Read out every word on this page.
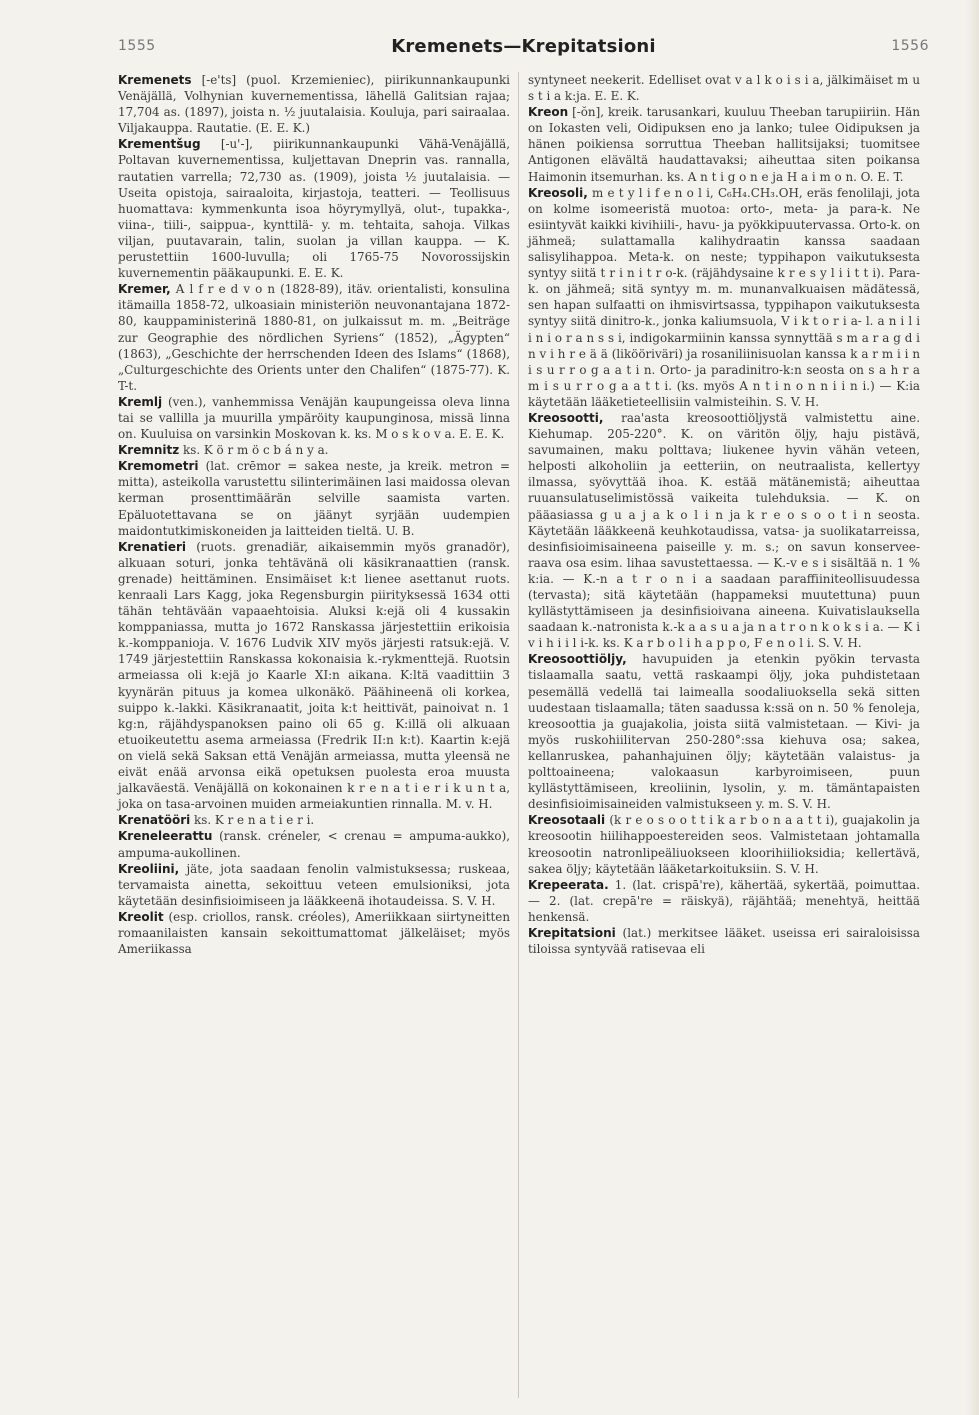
1555	Kremenets—Krepitatsioni	1556

Kremenets [-e'ts] (puol. Krzemieniec), piirikunnankaupunki Venäjällä, Volhynian kuvernementissa, lähellä Galitsian rajaa; 17,704 as. (1897), joista n. ½ juutalaisia. Kouluja, pari sairaalaa. Viljakauppa. Rautatie. (E. E. K.)

Krementšug [-u'-], piirikunnankaupunki Vähä-Venäjällä, Poltavan kuvernementissa, kuljettavan Dneprin vas. rannalla, rautatien varrella; 72,730 as. (1909), joista ½ juutalaisia. — Useita opistoja, sairaaloita, kirjastoja, teatteri. — Teollisuus huomattava: kymmenkunta isoa höyrymyllyä, olut-, tupakka-, viina-, tiili-, saippua-, kynttilä- y. m. tehtaita, sahoja. Vilkas viljan, puutavarain, talin, suolan ja villan kauppa. — K. perustettiin 1600-luvulla; oli 1765-75 Novorossijskin kuvernementin pääkaupunki. E. E. K.

Kremer, A l f r e d v o n (1828-89), itäv. orientalisti, konsulina itämailla 1858-72, ulkoasiain ministeriön neuvonantajana 1872-80, kauppaministerinä 1880-81, on julkaissut m. m. „Beiträge zur Geographie des nördlichen Syriens“ (1852), „Ägypten“ (1863), „Geschichte der herrschenden Ideen des Islams“ (1868), „Culturgeschichte des Orients unter den Chalifen“ (1875-77). K. T-t.

Kremlj (ven.), vanhemmissa Venäjän kaupungeissa oleva linna tai se vallilla ja muurilla ympäröity kaupunginosa, missä linna on. Kuuluisa on varsinkin Moskovan k. ks. M o s k o v a. E. E. K.

Kremnitz ks. K ö r m ö c b á n y a.

Kremometri (lat. crēmor = sakea neste, ja kreik. metron = mitta), asteikolla varustettu silinterimäinen lasi maidossa olevan kerman prosenttimäärän selville saamista varten. Epäluotettavana se on jäänyt syrjään uudempien maidontutkimiskoneiden ja laitteiden tieltä. U. B.

Krenatieri (ruots. grenadiär, aikaisemmin myös granadör), alkuaan soturi, jonka tehtävänä oli käsikranaattien (ransk. grenade) heittäminen. Ensimäiset k:t lienee asettanut ruots. kenraali Lars Kagg, joka Regensburgin piirityksessä 1634 otti tähän tehtävään vapaaehtoisia. Aluksi k:ejä oli 4 kussakin komppaniassa, mutta jo 1672 Ranskassa järjestettiin erikoisia k.-komppanioja. V. 1676 Ludvik XIV myös järjesti ratsuk:ejä. V. 1749 järjestettiin Ranskassa kokonaisia k.-rykmenttejä. Ruotsin armeiassa oli k:ejä jo Kaarle XI:n aikana. K:ltä vaadittiin 3 kyynärän pituus ja komea ulkonäkö. Päähineenä oli korkea, suippo k.-lakki. Käsikranaatit, joita k:t heittivät, painoivat n. 1 kg:n, räjähdyspanoksen paino oli 65 g. K:illä oli alkuaan etuoikeutettu asema armeiassa (Fredrik II:n k:t). Kaartin k:ejä on vielä sekä Saksan että Venäjän armeiassa, mutta yleensä ne eivät enää arvonsa eikä opetuksen puolesta eroa muusta jalkaväestä. Venäjällä on kokonainen k r e n a t i e r i k u n t a, joka on tasa-arvoinen muiden armeiakuntien rinnalla. M. v. H.

Krenatööri ks. K r e n a t i e r i.

Kreneleerattu (ransk. créneler, < crenau = ampuma-aukko), ampuma-aukollinen.

Kreoliini, jäte, jota saadaan fenolin valmistuksessa; ruskeaa, tervamaista ainetta, sekoittuu veteen emulsioniksi, jota käytetään desinfisioimiseen ja lääkkeenä ihotaudeissa. S. V. H.

Kreolit (esp. criollos, ransk. créoles), Ameriikkaan siirtyneitten romaanilaisten kansain sekoittumattomat jälkeläiset; myös Ameriikassa

syntyneet neekerit. Edelliset ovat v a l k o i s i a, jälkimäiset m u s t i a k:ja. E. E. K.

Kreon [-ŏn], kreik. tarusankari, kuuluu Theeban tarupiiriin. Hän on Iokasten veli, Oidipuksen eno ja lanko; tulee Oidipuksen ja hänen poikiensa sorruttua Theeban hallitsijaksi; tuomitsee Antigonen elävältä haudattavaksi; aiheuttaa siten poikansa Haimonin itsemurhan. ks. A n t i g o n e ja H a i m o n. O. E. T.

Kreosoli, m e t y l i f e n o l i, C₆H₄.CH₃.OH, eräs fenolilaji, jota on kolme isomeeristä muotoa: orto-, meta- ja para-k. Ne esiintyvät kaikki kivihiili-, havu- ja pyökkipuutervassa. Orto-k. on jähmeä; sulattamalla kalihydraatin kanssa saadaan salisylihappoa. Meta-k. on neste; typpihapon vaikutuksesta syntyy siitä t r i n i t r o-k. (räjähdysaine k r e s y l i i t t i). Para-k. on jähmeä; sitä syntyy m. m. munanvalkuaisen mädätessä, sen hapan sulfaatti on ihmisvirtsassa, typpihapon vaikutuksesta syntyy siitä dinitro-k., jonka kaliumsuola, V i k t o r i a- l. a n i l i i n i o r a n s s i, indigokarmiinin kanssa synnyttää s m a r a g d i n v i h r e ä ä (likööriväri) ja rosaniliinisuolan kanssa k a r m i i n i s u r r o g a a t i n. Orto- ja paradinitro-k:n seosta on s a h r a m i s u r r o g a a t t i. (ks. myös A n t i n o n n i i n i.) — K:ia käytetään lääketieteellisiin valmisteihin. S. V. H.

Kreosootti, raa'asta kreosoottiöljystä valmistettu aine. Kiehumap. 205-220°. K. on väritön öljy, haju pistävä, savumainen, maku polttava; liukenee hyvin vähän veteen, helposti alkoholiin ja eetteriin, on neutraalista, kellertyy ilmassa, syövyttää ihoa. K. estää mätänemistä; aiheuttaa ruuansulatuselimistössä vaikeita tulehduksia. — K. on pääasiassa g u a j a k o l i n ja k r e o s o o t i n seosta. Käytetään lääkkeenä keuhkotaudissa, vatsa- ja suolikatarreissa, desinfisioimisaineena paiseille y. m. s.; on savun konservee-raava osa esim. lihaa savustettaessa. — K.-v e s i sisältää n. 1 % k:ia. — K.-n a t r o n i a saadaan paraffiiniteollisuudessa (tervasta); sitä käytetään (happameksi muutettuna) puun kyllästyttämiseen ja desinfisioivana aineena. Kuivatislauksella saadaan k.-natronista k.-k a a s u a ja n a t r o n k o k s i a. — K i v i h i i l i-k. ks. K a r b o l i h a p p o, F e n o l i. S. V. H.

Kreosoottiöljy, havupuiden ja etenkin pyökin tervasta tislaamalla saatu, vettä raskaampi öljy, joka puhdistetaan pesemällä vedellä tai laimealla soodaliuoksella sekä sitten uudestaan tislaamalla; täten saadussa k:ssä on n. 50 % fenoleja, kreosoottia ja guajakolia, joista siitä valmistetaan. — Kivi- ja myös ruskohiilitervan 250-280°:ssa kiehuva osa; sakea, kellanruskea, pahanhajuinen öljy; käytetään valaistus- ja polttoaineena; valokaasun karbyroimiseen, puun kyllästyttämiseen, kreoliinin, lysolin, y. m. tämäntapaisten desinfisioimisaineiden valmistukseen y. m. S. V. H.

Kreosotaali (k r e o s o o t t i k a r b o n a a t t i), guajakolin ja kreosootin hiilihappoestereiden seos. Valmistetaan johtamalla kreosootin natronlipeäliuokseen kloorihiilioksidia; kellertävä, sakea öljy; käytetään lääketarkoituksiin. S. V. H.

Krepeerata. 1. (lat. crispā're), kähertää, sykertää, poimuttaa. — 2. (lat. crepā're = räiskyä), räjähtää; menehtyä, heittää henkensä.

Krepitatsioni (lat.) merkitsee lääket. useissa eri sairaloisissa tiloissa syntyvää ratisevaa eli
